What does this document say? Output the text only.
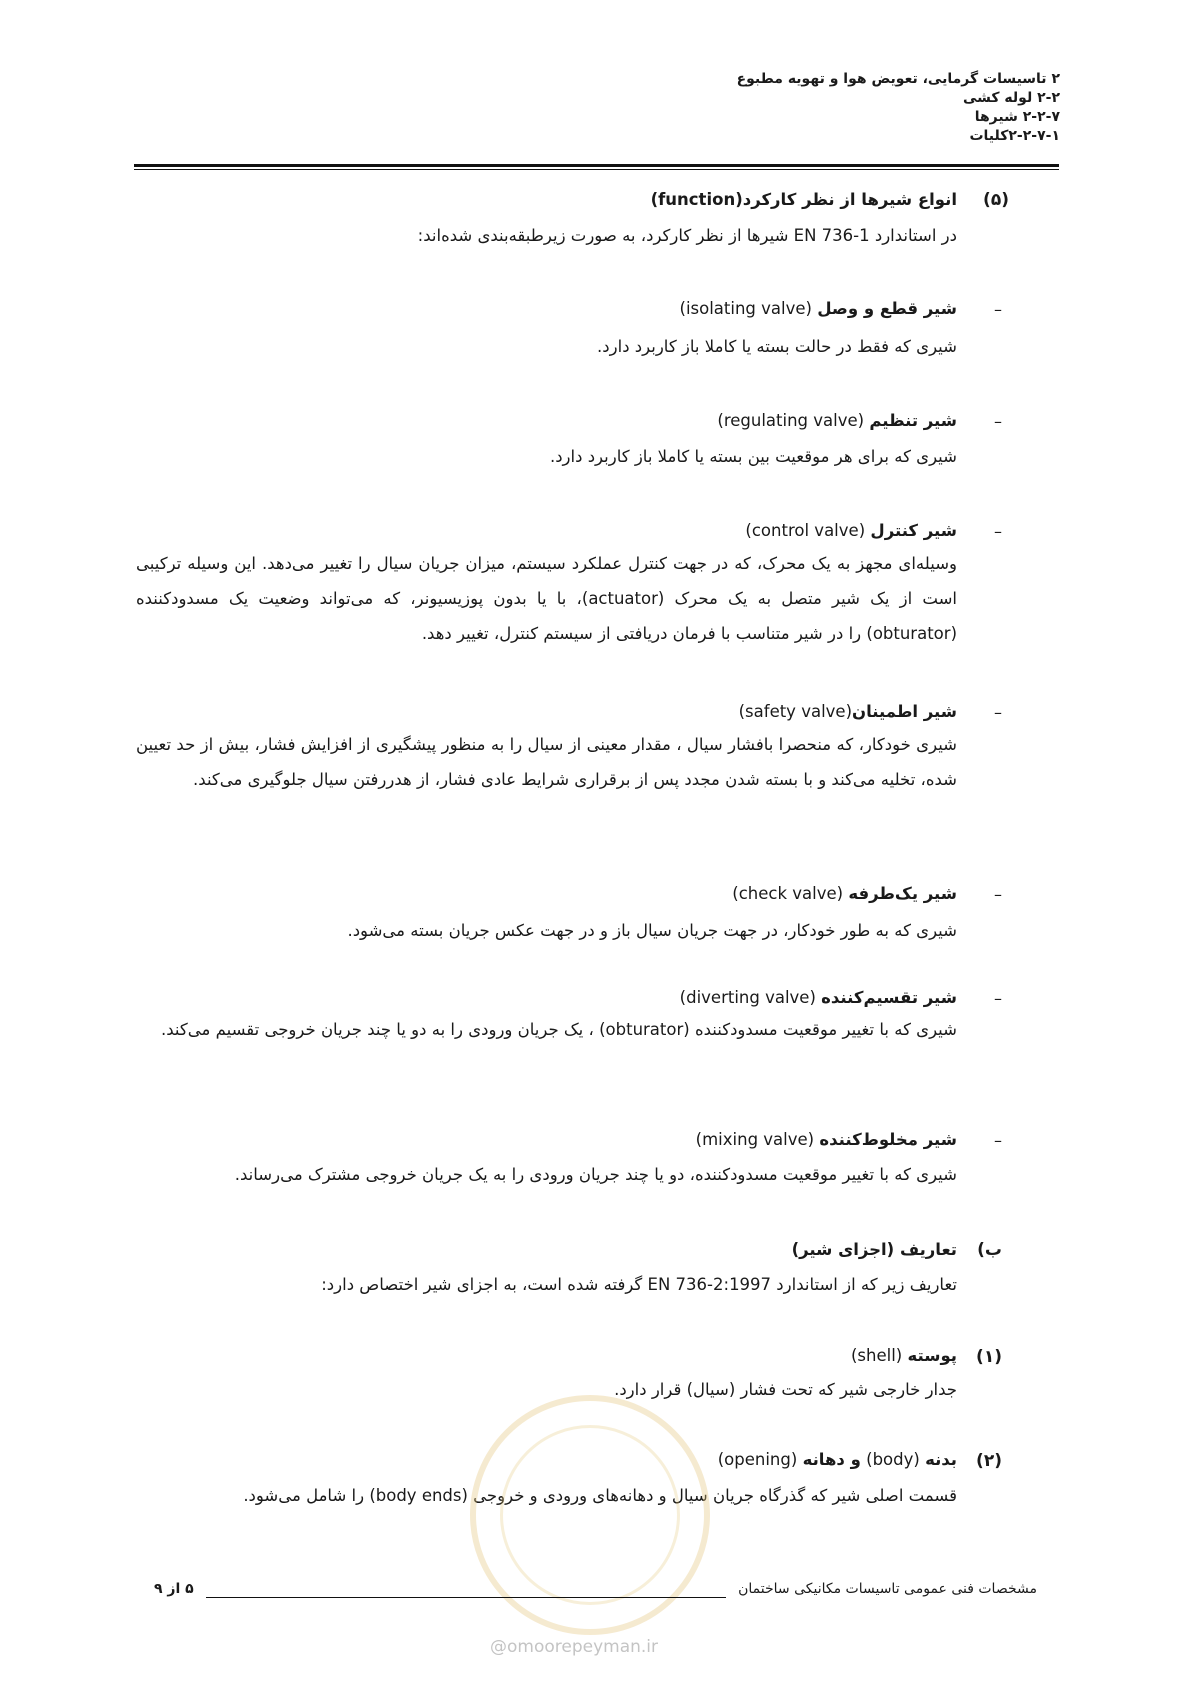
۲ تاسیسات گرمایی، تعویض هوا و تهویه مطبوع
۲-۲ لوله کشی
۲-۲-۷ شیرها
۲-۲-۷-۱کلیات
(۵)
انواع شیرها از نظر کارکرد(function)
در استاندارد EN 736-1 شیرها از نظر کارکرد، به صورت زیرطبقه‌بندی شده‌اند:
–
شیر قطع و وصل (isolating valve)
شیری که فقط در حالت بسته یا کاملا باز کاربرد دارد.
–
شیر تنظیم (regulating valve)
شیری که برای هر موقعیت بین بسته یا کاملا باز کاربرد دارد.
–
شیر کنترل (control valve)
وسیله‌ای مجهز به یک محرک، که در جهت کنترل عملکرد سیستم، میزان جریان سیال را تغییر می‌دهد. این وسیله ترکیبی است از یک شیر متصل به یک محرک (actuator)، با یا بدون پوزیسیونر، که می‌تواند وضعیت یک مسدودکننده (obturator) را در شیر متناسب با فرمان دریافتی از سیستم کنترل، تغییر دهد.
–
شیر اطمینان(safety valve)
شیری خودکار، که منحصرا بافشار سیال ، مقدار معینی از سیال را به منظور پیشگیری از افزایش فشار، بیش از حد تعیین شده، تخلیه می‌کند و با بسته شدن مجدد پس از برقراری شرایط عادی فشار، از هدررفتن سیال جلوگیری می‌کند.
–
شیر یک‌طرفه (check valve)
شیری که به طور خودکار، در جهت جریان سیال باز و در جهت عکس جریان بسته می‌شود.
–
شیر تقسیم‌کننده (diverting valve)
شیری که با تغییر موقعیت مسدودکننده (obturator) ، یک جریان ورودی را به دو یا چند جریان خروجی تقسیم می‌کند.
–
شیر مخلوط‌کننده (mixing valve)
شیری که با تغییر موقعیت مسدودکننده، دو یا چند جریان ورودی را به یک جریان خروجی مشترک می‌رساند.
ب)
تعاریف (اجزای شیر)
تعاریف زیر که از استاندارد EN 736-2:1997 گرفته شده است، به اجزای شیر اختصاص دارد:
(۱)
پوسته (shell)
جدار خارجی شیر که تحت فشار (سیال) قرار دارد.
(۲)
بدنه (body) و دهانه (opening)
قسمت اصلی شیر که گذرگاه جریان سیال و دهانه‌های ورودی و خروجی (body ends) را شامل می‌شود.
@omoorepeyman.ir
مشخصات فنی عمومی تاسیسات مکانیکی ساختمان
۵ از ۹
